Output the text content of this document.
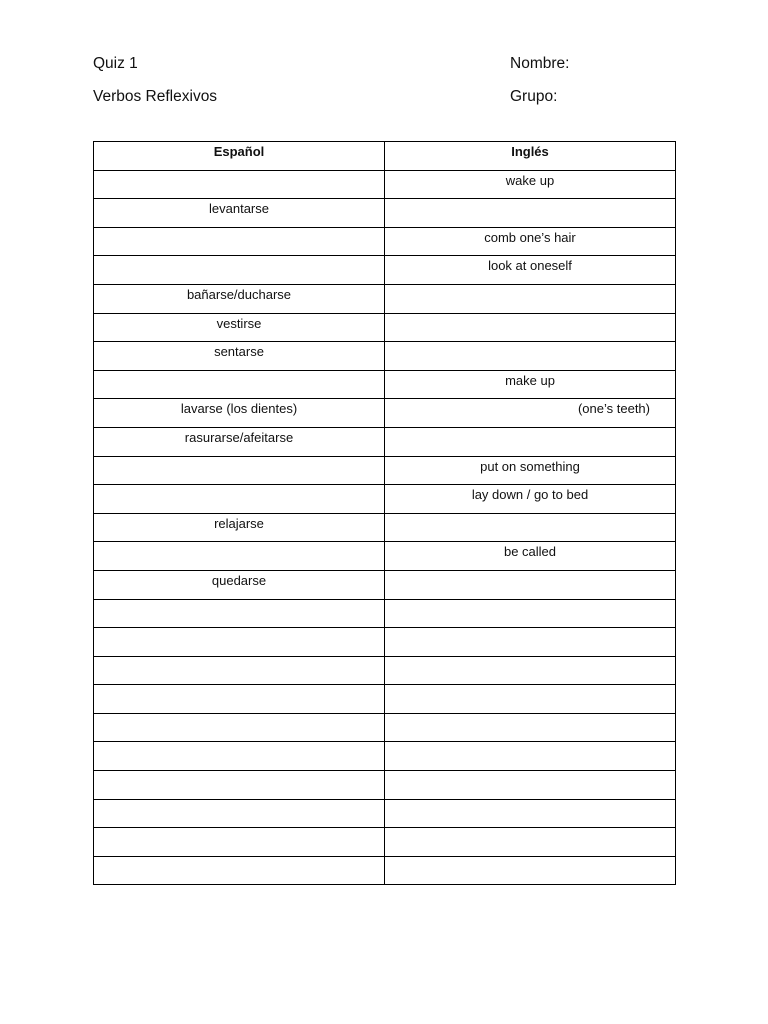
Quiz 1
Verbos Reflexivos
Nombre:
Grupo:
Español	Inglés

	wake up

levantarse	

	comb one’s hair

	look at oneself

bañarse/ducharse	

vestirse	

sentarse	

	make up

lavarse (los dientes)	(one’s teeth)

rasurarse/afeitarse	

	put on something

	lay down / go to bed

relajarse	

	be called

quedarse	
